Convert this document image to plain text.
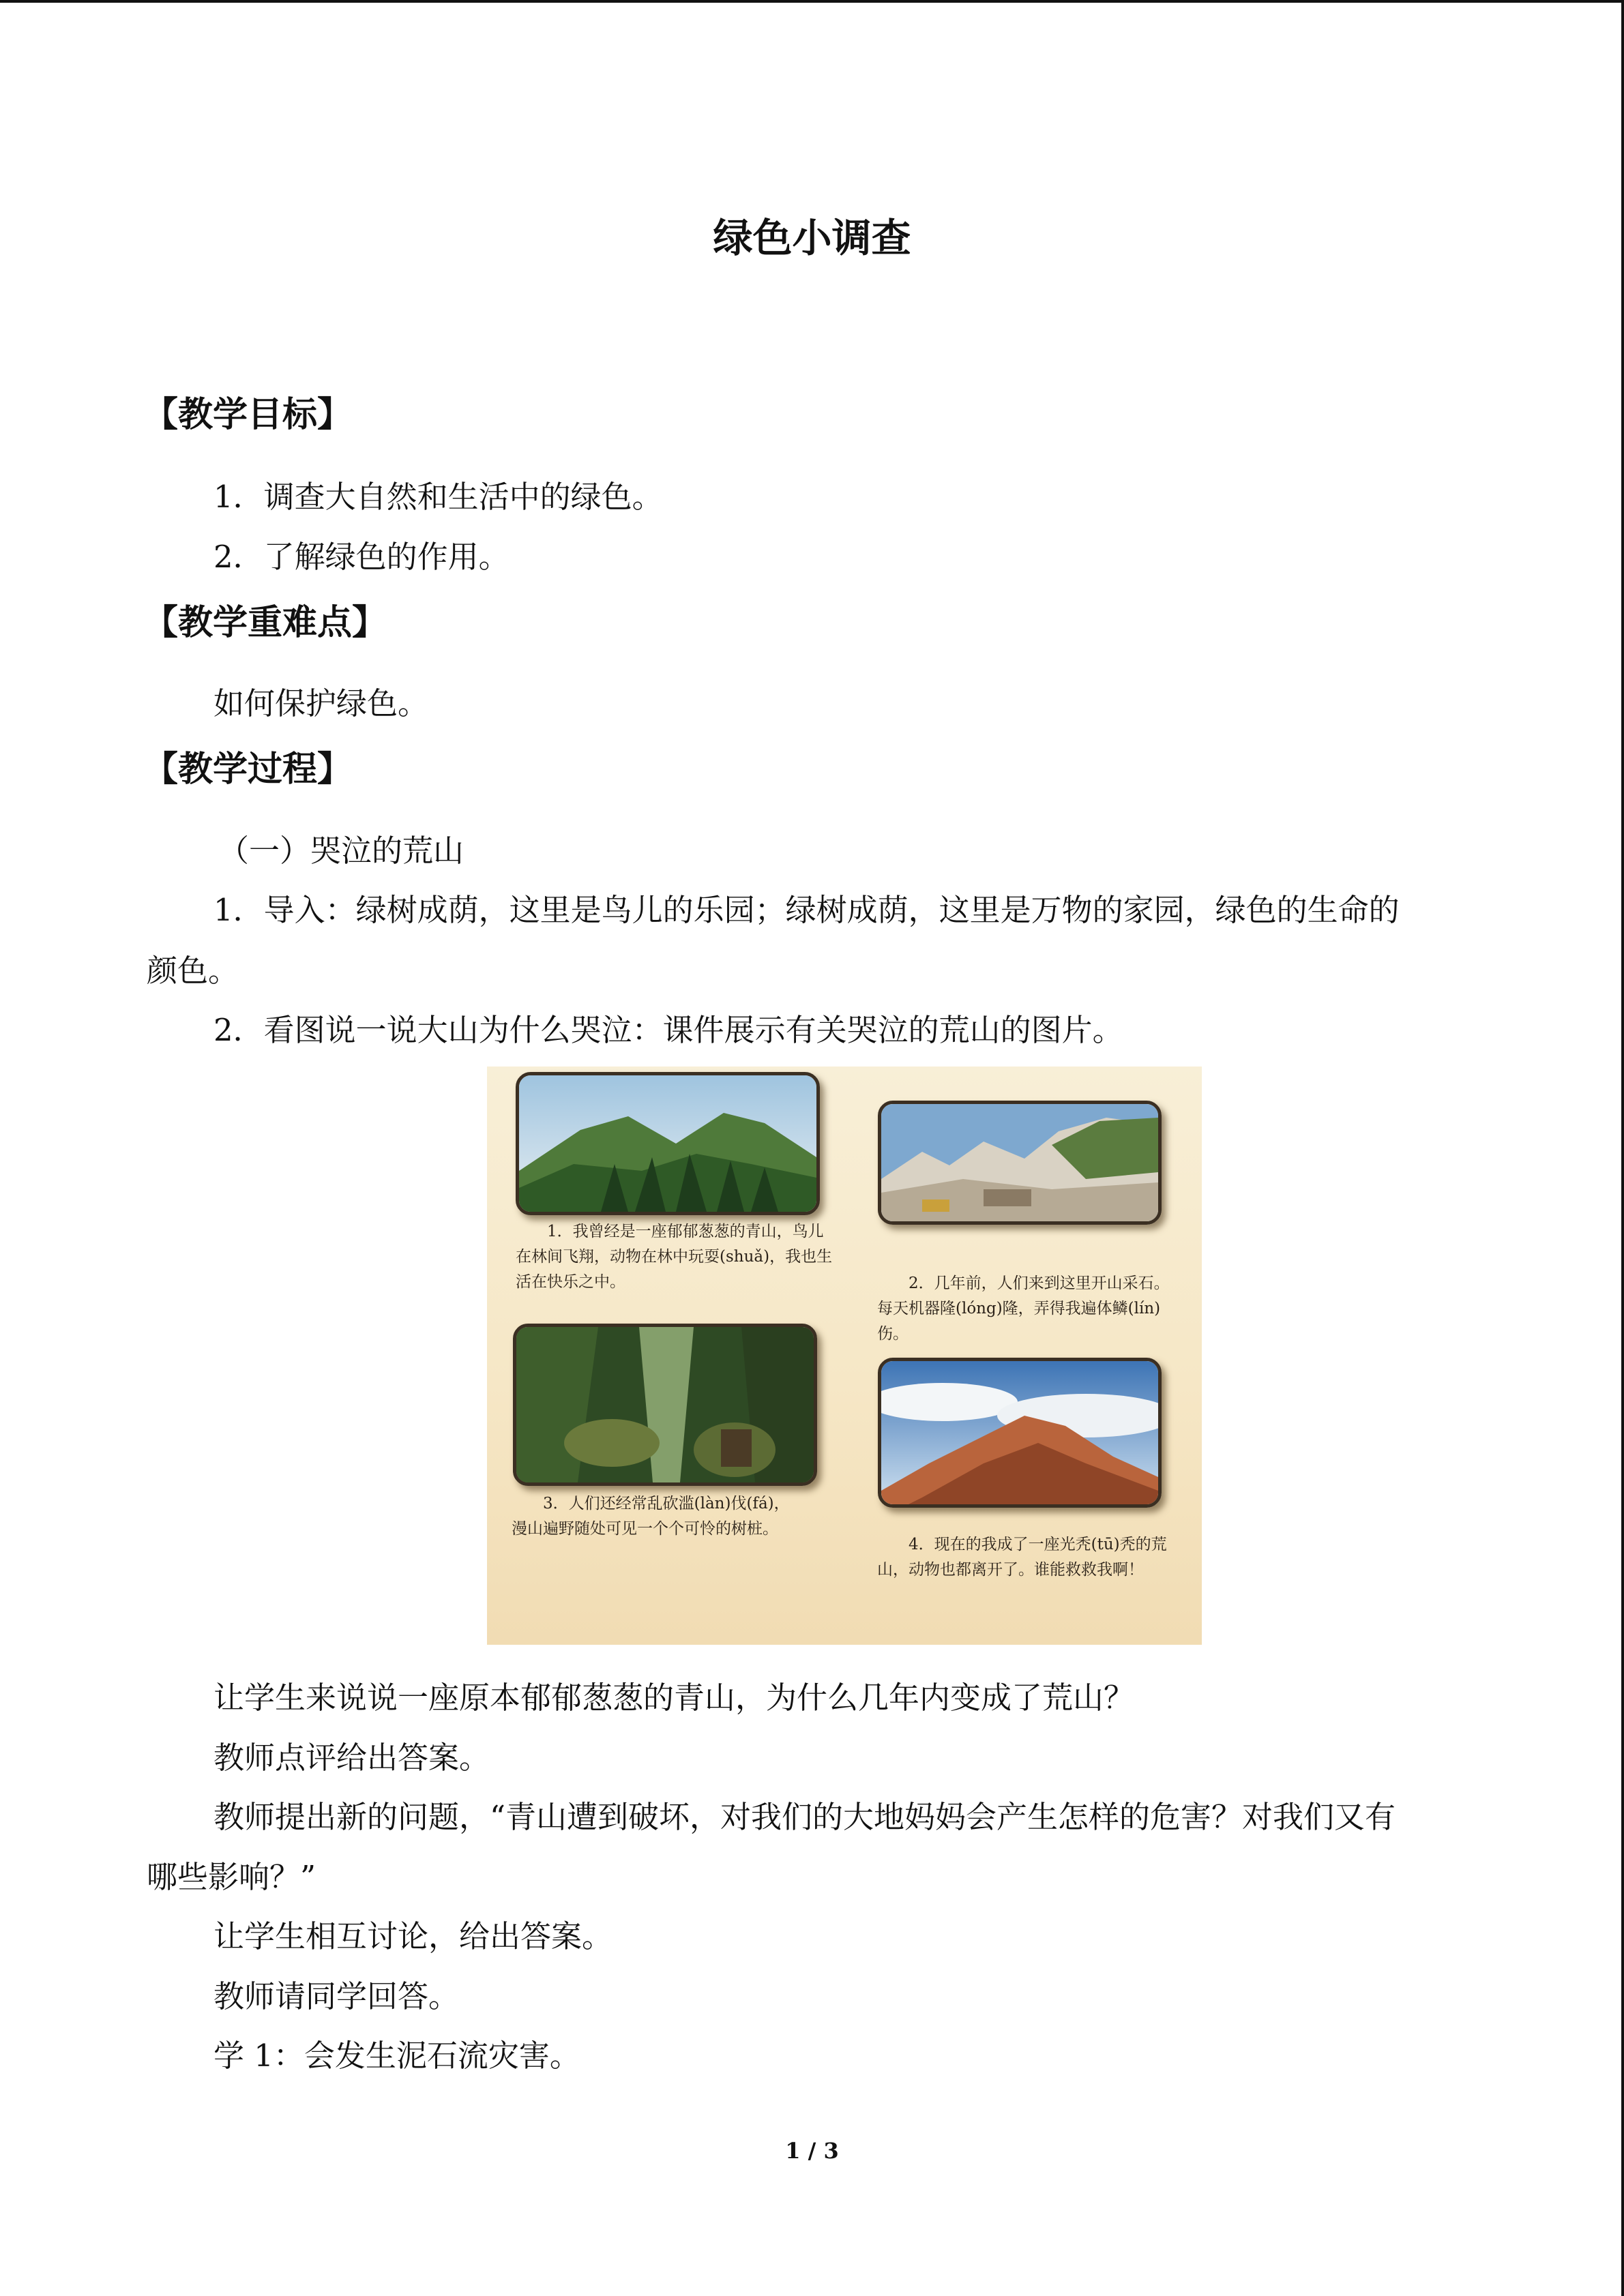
绿色小调查
【教学目标】
1．调查大自然和生活中的绿色。
2．了解绿色的作用。
【教学重难点】
如何保护绿色。
【教学过程】
（一）哭泣的荒山
1．导入：绿树成荫，这里是鸟儿的乐园；绿树成荫，这里是万物的家园，绿色的生命的
颜色。
2．看图说一说大山为什么哭泣：课件展示有关哭泣的荒山的图片。
1．我曾经是一座郁郁葱葱的青山，鸟儿在林间飞翔，动物在林中玩耍(shuǎ)，我也生活在快乐之中。	2．几年前，人们来到这里开山采石。每天机器隆(lóng)隆，弄得我遍体鳞(lín)伤。
3．人们还经常乱砍滥(làn)伐(fá)，漫山遍野随处可见一个个可怜的树桩。
4．现在的我成了一座光秃(tū)秃的荒山，动物也都离开了。谁能救救我啊！
让学生来说说一座原本郁郁葱葱的青山，为什么几年内变成了荒山？
教师点评给出答案。
教师提出新的问题，“青山遭到破坏，对我们的大地妈妈会产生怎样的危害？对我们又有
哪些影响？”
让学生相互讨论，给出答案。
教师请同学回答。
学 1：会发生泥石流灾害。
1 / 3
